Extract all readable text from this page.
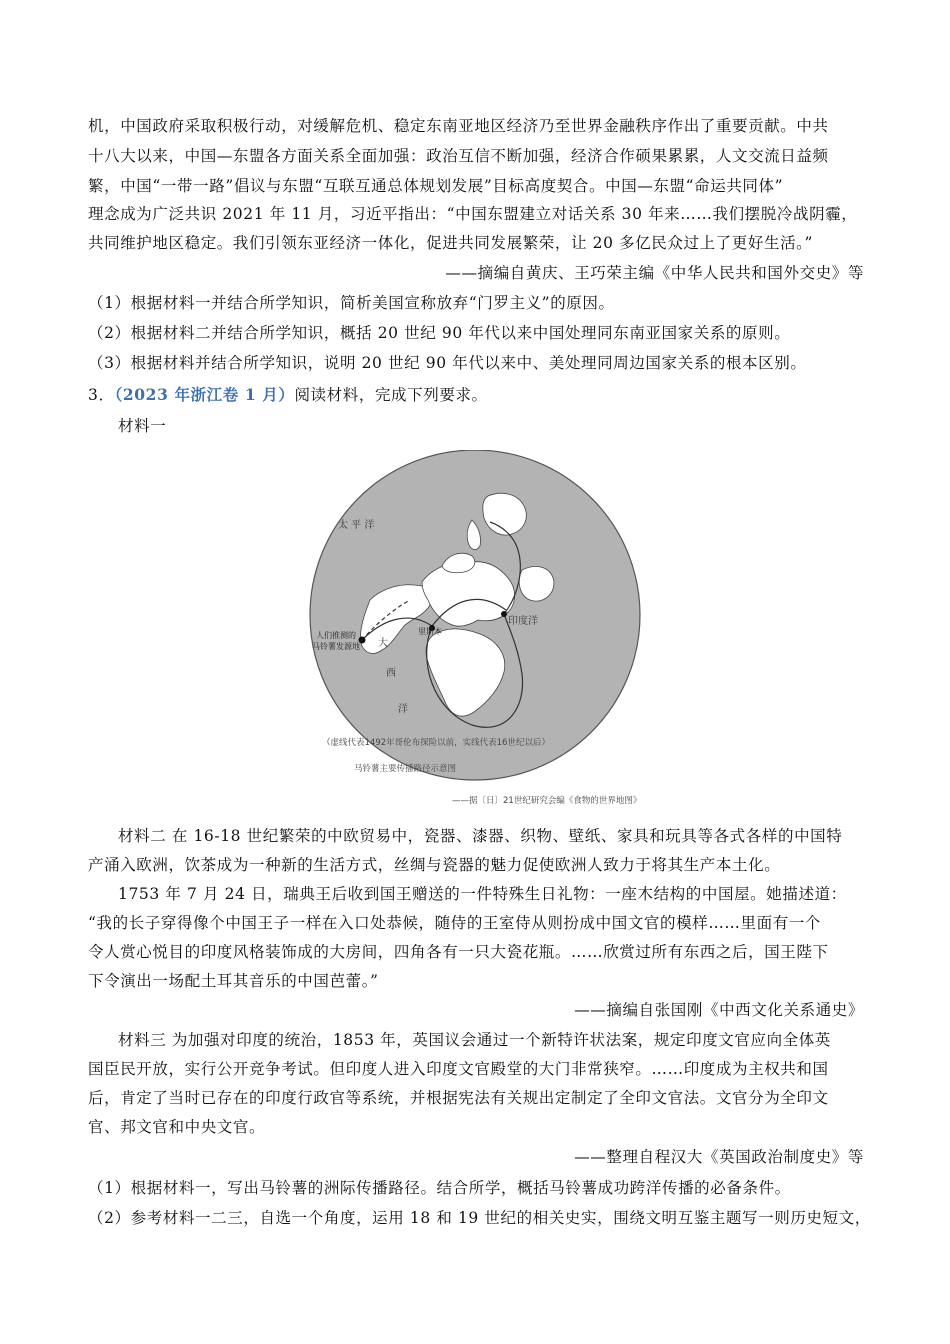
机，中国政府采取积极行动，对缓解危机、稳定东南亚地区经济乃至世界金融秩序作出了重要贡献。中共
十八大以来，中国—东盟各方面关系全面加强：政治互信不断加强，经济合作硕果累累，人文交流日益频
繁，中国“一带一路”倡议与东盟“互联互通总体规划发展”目标高度契合。中国—东盟“命运共同体”
理念成为广泛共识 2021 年 11 月，习近平指出：“中国东盟建立对话关系 30 年来……我们摆脱冷战阴霾，
共同维护地区稳定。我们引领东亚经济一体化，促进共同发展繁荣，让 20 多亿民众过上了更好生活。”
——摘编自黄庆、王巧荣主编《中华人民共和国外交史》等
（1）根据材料一并结合所学知识，简析美国宣称放弃“门罗主义”的原因。
（2）根据材料二并结合所学知识，概括 20 世纪 90 年代以来中国处理同东南亚国家关系的原则。
（3）根据材料并结合所学知识，说明 20 世纪 90 年代以来中、美处理同周边国家关系的根本区别。
3．（2023 年浙江卷 1 月）阅读材料，完成下列要求。
材料一
太 平 洋
印度洋
大
西
洋
人们推测的
马铃薯发源地
里斯本
（虚线代表1492年哥伦布探险以前，实线代表16世纪以后）
马铃薯主要传播路径示意图
——据〔日〕21世纪研究会编《食物的世界地图》
材料二 在 16-18 世纪繁荣的中欧贸易中，瓷器、漆器、织物、壁纸、家具和玩具等各式各样的中国特
产涌入欧洲，饮茶成为一种新的生活方式，丝绸与瓷器的魅力促使欧洲人致力于将其生产本土化。
1753 年 7 月 24 日，瑞典王后收到国王赠送的一件特殊生日礼物：一座木结构的中国屋。她描述道：
“我的长子穿得像个中国王子一样在入口处恭候，随侍的王室侍从则扮成中国文官的模样……里面有一个
令人赏心悦目的印度风格装饰成的大房间，四角各有一只大瓷花瓶。……欣赏过所有东西之后，国王陛下
下令演出一场配土耳其音乐的中国芭蕾。”
——摘编自张国刚《中西文化关系通史》
材料三 为加强对印度的统治，1853 年，英国议会通过一个新特许状法案，规定印度文官应向全体英
国臣民开放，实行公开竞争考试。但印度人进入印度文官殿堂的大门非常狭窄。……印度成为主权共和国
后，肯定了当时已存在的印度行政官等系统，并根据宪法有关规出定制定了全印文官法。文官分为全印文
官、邦文官和中央文官。
——整理自程汉大《英国政治制度史》等
（1）根据材料一，写出马铃薯的洲际传播路径。结合所学，概括马铃薯成功跨洋传播的必备条件。
（2）参考材料一二三，自选一个角度，运用 18 和 19 世纪的相关史实，围绕文明互鉴主题写一则历史短文，
